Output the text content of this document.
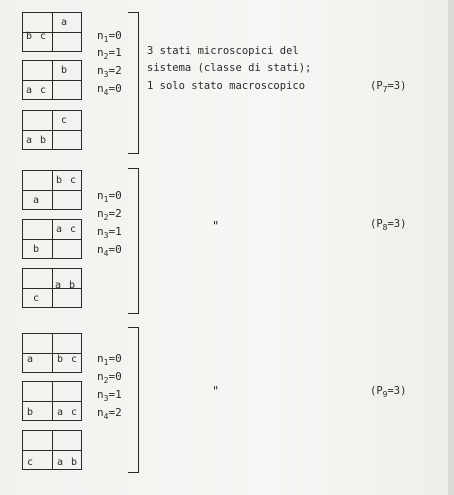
a
b c
b
a c
c
a b
$n_1=0$
$n_2=1$
$n_3=2$
$n_4=0$
3 stati microscopici del
sistema (classe di stati);
1 solo stato macroscopico	$(P_7=3)$
b c
a
a c
b
a b
c
$n_1=0$
$n_2=2$
$n_3=1$
$n_4=0$
"	$(P_8=3)$
a b c
b a c
c a b
$n_1=0$
$n_2=0$
$n_3=1$
$n_4=2$
"	$(P_9=3)$
